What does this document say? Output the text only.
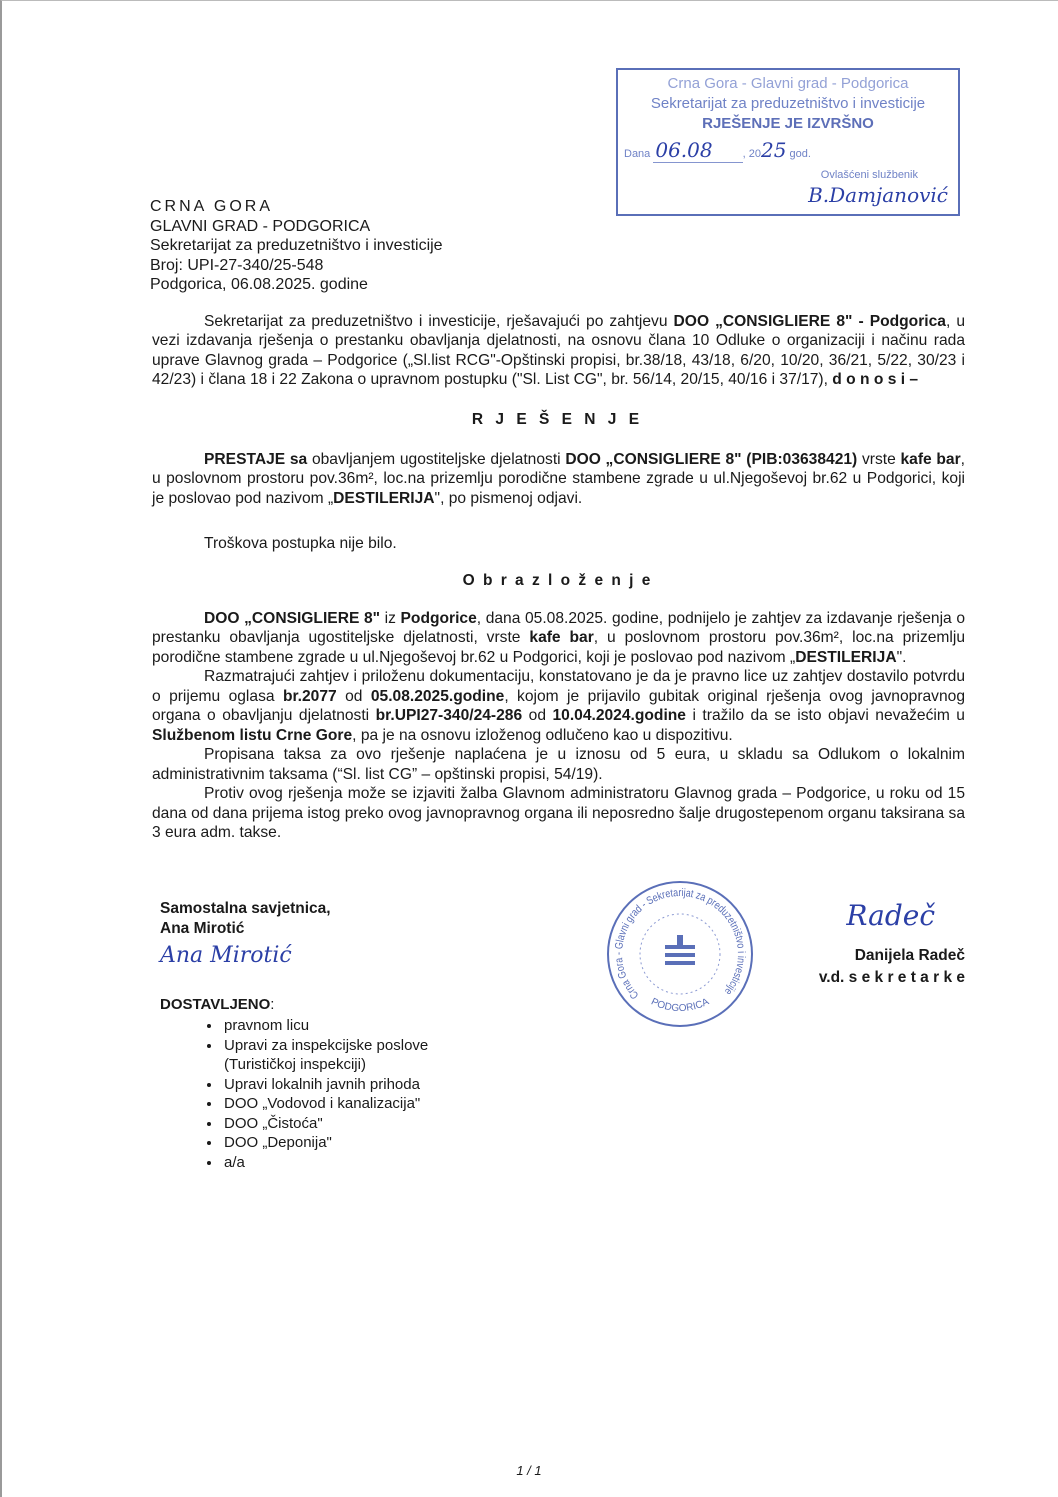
Crna Gora - Glavni grad - Podgorica
Sekretarijat za preduzetništvo i investicije
RJEŠENJE JE IZVRŠNO
Dana 06.08	, 2025 god.
Ovlašćeni službenik
B.Damjanović
CRNA GORA
GLAVNI GRAD - PODGORICA
Sekretarijat za preduzetništvo i investicije
Broj: UPI-27-340/25-548
Podgorica, 06.08.2025. godine
Sekretarijat za preduzetništvo i investicije, rješavajući po zahtjevu DOO „CONSIGLIERE 8" - Podgorica, u vezi izdavanja rješenja o prestanku obavljanja djelatnosti, na osnovu člana 10 Odluke o organizaciji i načinu rada uprave Glavnog grada – Podgorice („Sl.list RCG"-Opštinski propisi, br.38/18, 43/18, 6/20, 10/20, 36/21, 5/22, 30/23 i 42/23) i člana 18 i 22 Zakona o upravnom postupku ("Sl. List CG", br. 56/14, 20/15, 40/16 i 37/17), d o n o s i –
R J E Š E N J E
PRESTAJE sa obavljanjem ugostiteljske djelatnosti DOO „CONSIGLIERE 8" (PIB:03638421) vrste kafe bar, u poslovnom prostoru pov.36m², loc.na prizemlju porodične stambene zgrade u ul.Njegoševoj br.62 u Podgorici, koji je poslovao pod nazivom „DESTILERIJA", po pismenoj odjavi.
Troškova postupka nije bilo.
O b r a z l o ž e n j e
DOO „CONSIGLIERE 8" iz Podgorice, dana 05.08.2025. godine, podnijelo je zahtjev za izdavanje rješenja o prestanku obavljanja ugostiteljske djelatnosti, vrste kafe bar, u poslovnom prostoru pov.36m², loc.na prizemlju porodične stambene zgrade u ul.Njegoševoj br.62 u Podgorici, koji je poslovao pod nazivom „DESTILERIJA".
Razmatrajući zahtjev i priloženu dokumentaciju, konstatovano je da je pravno lice uz zahtjev dostavilo potvrdu o prijemu oglasa br.2077 od 05.08.2025.godine, kojom je prijavilo gubitak original rješenja ovog javnopravnog organa o obavljanju djelatnosti br.UPI27-340/24-286 od 10.04.2024.godine i tražilo da se isto objavi nevažećim u Službenom listu Crne Gore, pa je na osnovu izloženog odlučeno kao u dispozitivu.
Propisana taksa za ovo rješenje naplaćena je u iznosu od 5 eura, u skladu sa Odlukom o lokalnim administrativnim taksama (“Sl. list CG” – opštinski propisi, 54/19).
Protiv ovog rješenja može se izjaviti žalba Glavnom administratoru Glavnog grada – Podgorice, u roku od 15 dana od dana prijema istog preko ovog javnopravnog organa ili neposredno šalje drugostepenom organu taksirana sa 3 eura adm. takse.
Samostalna savjetnica,
Ana Mirotić
Ana Mirotić
DOSTAVLJENO:
• pravnom licu
• Upravi za inspekcijske poslove (Turističkoj inspekciji)
• Upravi lokalnih javnih prihoda
• DOO „Vodovod i kanalizacija"
• DOO „Čistoća"
• DOO „Deponija"
• a/a
Crna Gora - Glavni grad - Sekretarijat za preduzetništvo i investicije
PODGORICA
Radeč
Danijela Radeč
v.d. s e k r e t a r k e
1 / 1
